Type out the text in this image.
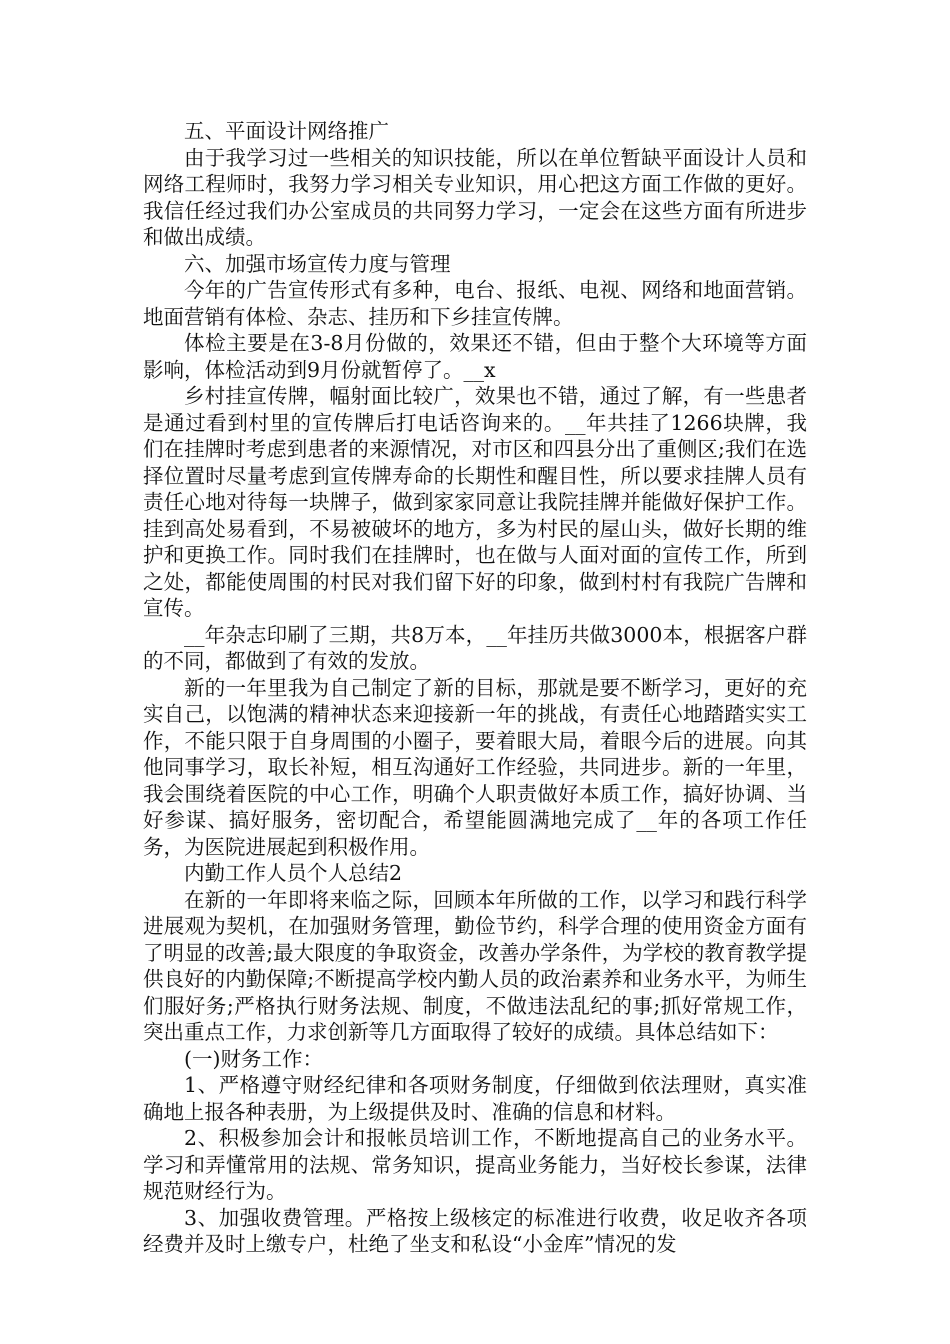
五、平面设计网络推广

由于我学习过一些相关的知识技能，所以在单位暂缺平面设计人员和网络工程师时，我努力学习相关专业知识，用心把这方面工作做的更好。我信任经过我们办公室成员的共同努力学习，一定会在这些方面有所进步和做出成绩。

六、加强市场宣传力度与管理

今年的广告宣传形式有多种，电台、报纸、电视、网络和地面营销。地面营销有体检、杂志、挂历和下乡挂宣传牌。

体检主要是在3-8月份做的，效果还不错，但由于整个大环境等方面影响，体检活动到9月份就暂停了。__x

乡村挂宣传牌，幅射面比较广，效果也不错，通过了解，有一些患者是通过看到村里的宣传牌后打电话咨询来的。__年共挂了1266块牌，我们在挂牌时考虑到患者的来源情况，对市区和四县分出了重侧区;我们在选择位置时尽量考虑到宣传牌寿命的长期性和醒目性，所以要求挂牌人员有责任心地对待每一块牌子，做到家家同意让我院挂牌并能做好保护工作。挂到高处易看到，不易被破坏的地方，多为村民的屋山头，做好长期的维护和更换工作。同时我们在挂牌时，也在做与人面对面的宣传工作，所到之处，都能使周围的村民对我们留下好的印象，做到村村有我院广告牌和宣传。

__年杂志印刷了三期，共8万本，__年挂历共做3000本，根据客户群的不同，都做到了有效的发放。

新的一年里我为自己制定了新的目标，那就是要不断学习，更好的充实自己，以饱满的精神状态来迎接新一年的挑战，有责任心地踏踏实实工作，不能只限于自身周围的小圈子，要着眼大局，着眼今后的进展。向其他同事学习，取长补短，相互沟通好工作经验，共同进步。新的一年里，我会围绕着医院的中心工作，明确个人职责做好本质工作，搞好协调、当好参谋、搞好服务，密切配合，希望能圆满地完成了__年的各项工作任务，为医院进展起到积极作用。

内勤工作人员个人总结2

在新的一年即将来临之际，回顾本年所做的工作，以学习和践行科学进展观为契机，在加强财务管理，勤俭节约，科学合理的使用资金方面有了明显的改善;最大限度的争取资金，改善办学条件，为学校的教育教学提供良好的内勤保障;不断提高学校内勤人员的政治素养和业务水平，为师生们服好务;严格执行财务法规、制度，不做违法乱纪的事;抓好常规工作，突出重点工作，力求创新等几方面取得了较好的成绩。具体总结如下：

(一)财务工作：

1、严格遵守财经纪律和各项财务制度，仔细做到依法理财，真实准确地上报各种表册，为上级提供及时、准确的信息和材料。

2、积极参加会计和报帐员培训工作，不断地提高自己的业务水平。学习和弄懂常用的法规、常务知识，提高业务能力，当好校长参谋，法律规范财经行为。

3、加强收费管理。严格按上级核定的标准进行收费，收足收齐各项经费并及时上缴专户，杜绝了坐支和私设“小金库”情况的发
